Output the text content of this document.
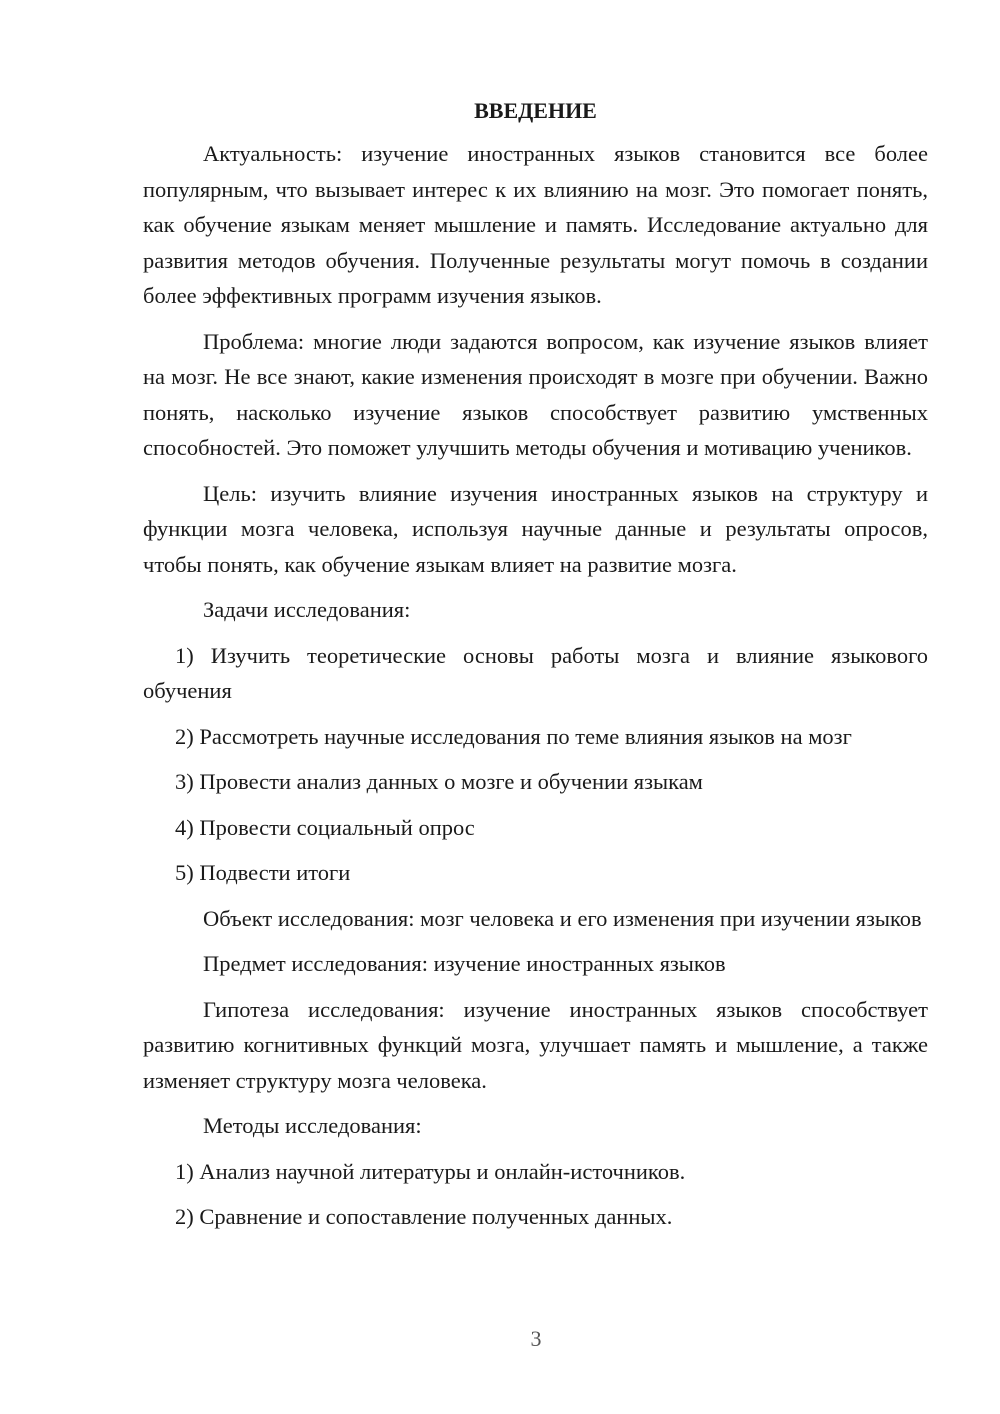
ВВЕДЕНИЕ

Актуальность: изучение иностранных языков становится все более популярным, что вызывает интерес к их влиянию на мозг. Это помогает понять, как обучение языкам меняет мышление и память. Исследование актуально для развития методов обучения. Полученные результаты могут помочь в создании более эффективных программ изучения языков.

Проблема: многие люди задаются вопросом, как изучение языков влияет на мозг. Не все знают, какие изменения происходят в мозге при обучении. Важно понять, насколько изучение языков способствует развитию умственных способностей. Это поможет улучшить методы обучения и мотивацию учеников.

Цель: изучить влияние изучения иностранных языков на структуру и функции мозга человека, используя научные данные и результаты опросов, чтобы понять, как обучение языкам влияет на развитие мозга.

Задачи исследования:

1) Изучить теоретические основы работы мозга и влияние языкового обучения

2) Рассмотреть научные исследования по теме влияния языков на мозг

3) Провести анализ данных о мозге и обучении языкам

4) Провести социальный опрос

5) Подвести итоги

Объект исследования: мозг человека и его изменения при изучении языков

Предмет исследования: изучение иностранных языков

Гипотеза исследования: изучение иностранных языков способствует развитию когнитивных функций мозга, улучшает память и мышление, а также изменяет структуру мозга человека.

Методы исследования:

1) Анализ научной литературы и онлайн-источников.

2) Сравнение и сопоставление полученных данных.

3
